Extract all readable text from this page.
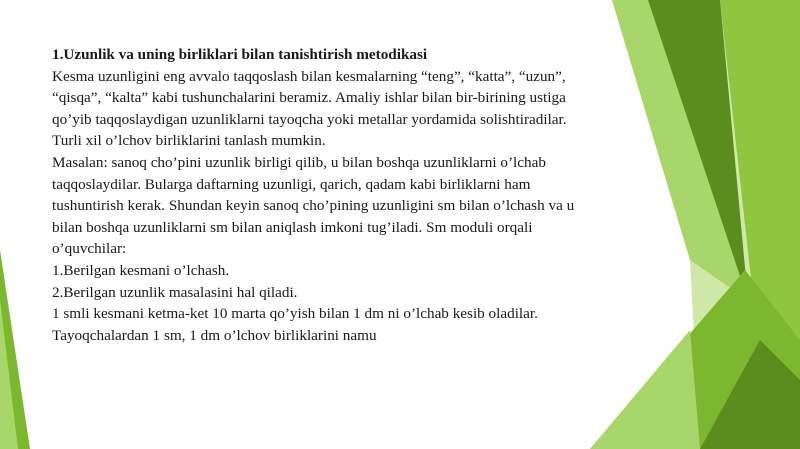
1.Uzunlik va uning birliklari bilan tanishtirish metodikasi

Kesma uzunligini eng avvalo taqqoslash bilan kesmalarning “teng”, “katta”, “uzun”, “qisqa”, “kalta” kabi tushunchalarini beramiz. Amaliy ishlar bilan bir-birining ustiga qo’yib taqqoslaydigan uzunliklarni tayoqcha yoki metallar yordamida solishtiradilar. Turli xil o’lchov birliklarini tanlash mumkin.

Masalan: sanoq cho’pini uzunlik birligi qilib, u bilan boshqa uzunliklarni o’lchab taqqoslaydilar. Bularga daftarning uzunligi, qarich, qadam kabi birliklarni ham tushuntirish kerak. Shundan keyin sanoq cho’pining uzunligini sm bilan o’lchash va u bilan boshqa uzunliklarni sm bilan aniqlash imkoni tug’iladi. Sm moduli orqali o’quvchilar:

1.Berilgan kesmani o’lchash.

2.Berilgan uzunlik masalasini hal qiladi.

1 smli kesmani ketma-ket 10 marta qo’yish bilan 1 dm ni o’lchab kesib oladilar.

Tayoqchalardan 1 sm, 1 dm o’lchov birliklarini namu
